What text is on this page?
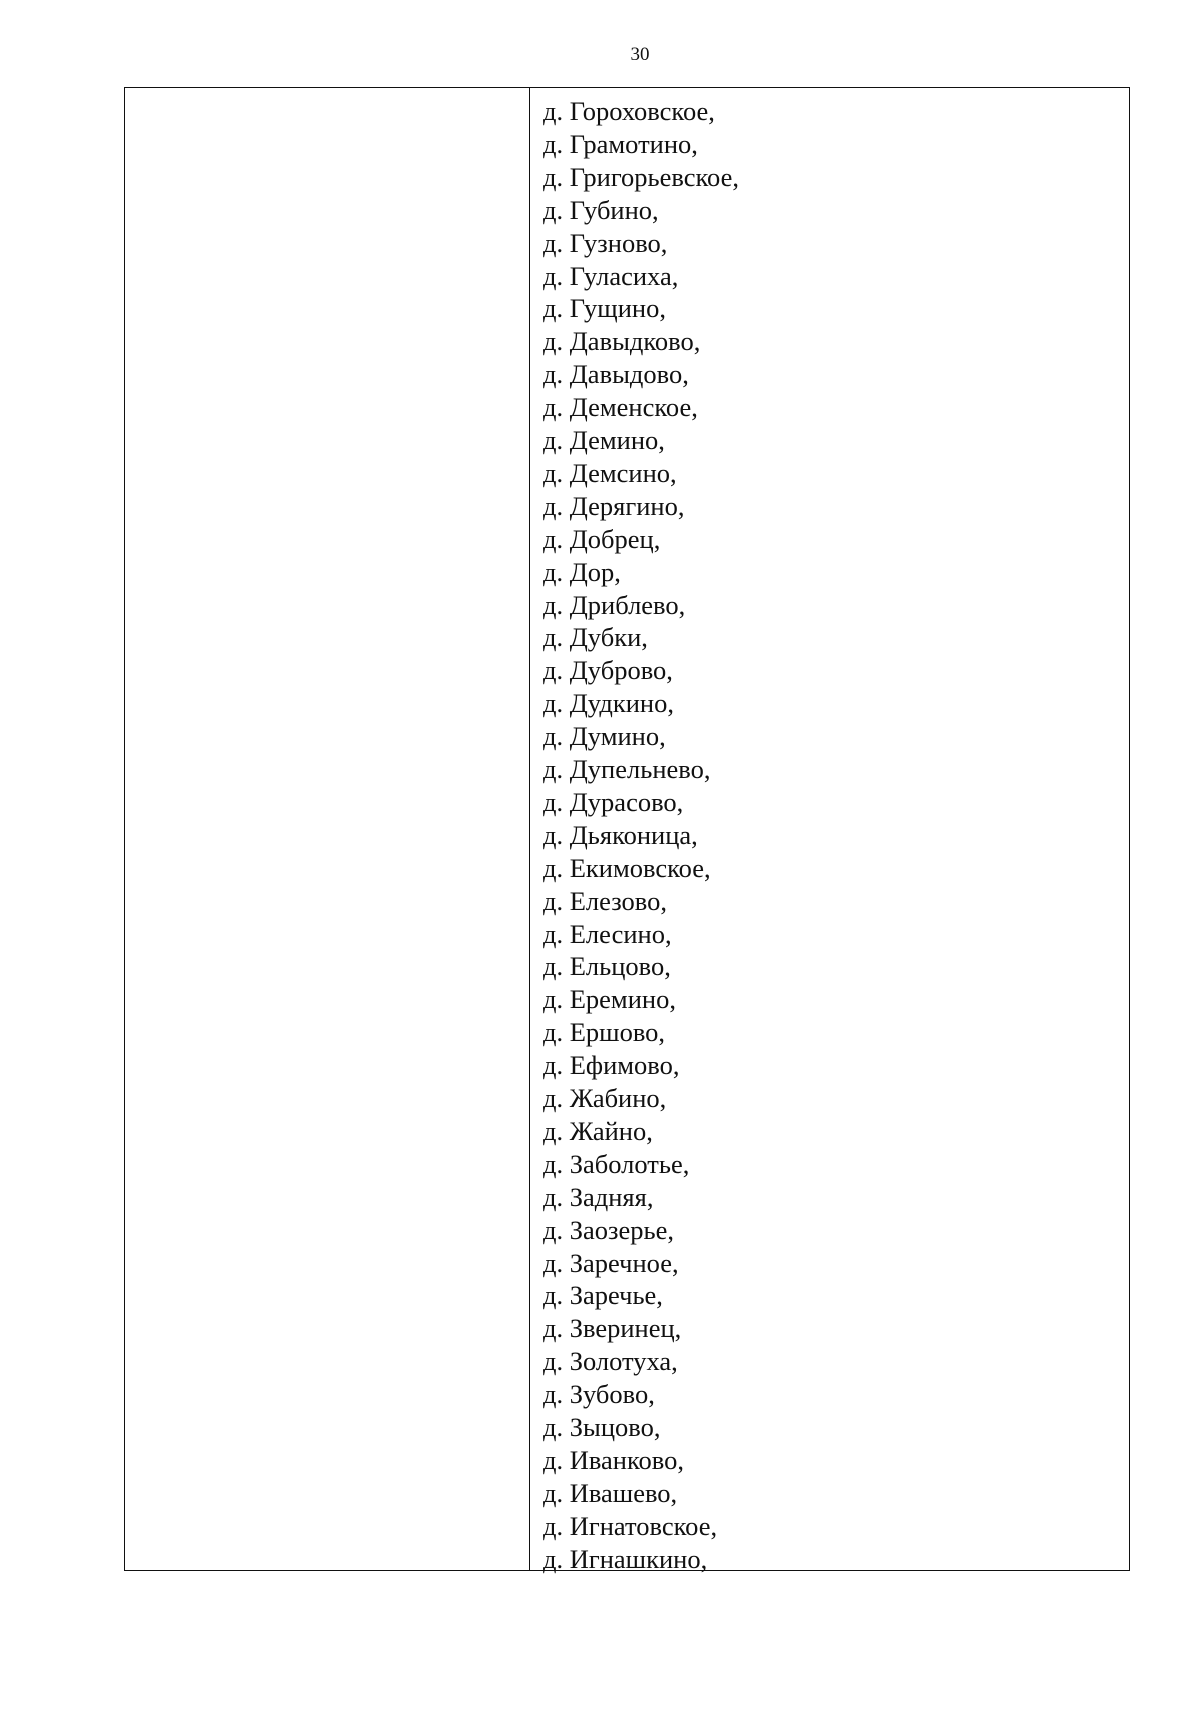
30
д. Гороховское,
д. Грамотино,
д. Григорьевское,
д. Губино,
д. Гузново,
д. Гуласиха,
д. Гущино,
д. Давыдково,
д. Давыдово,
д. Деменское,
д. Демино,
д. Демсино,
д. Дерягино,
д. Добрец,
д. Дор,
д. Дриблево,
д. Дубки,
д. Дуброво,
д. Дудкино,
д. Думино,
д. Дупельнево,
д. Дурасово,
д. Дьяконица,
д. Екимовское,
д. Елезово,
д. Елесино,
д. Ельцово,
д. Еремино,
д. Ершово,
д. Ефимово,
д. Жабино,
д. Жайно,
д. Заболотье,
д. Задняя,
д. Заозерье,
д. Заречное,
д. Заречье,
д. Зверинец,
д. Золотуха,
д. Зубово,
д. Зыцово,
д. Иванково,
д. Ивашево,
д. Игнатовское,
д. Игнашкино,
